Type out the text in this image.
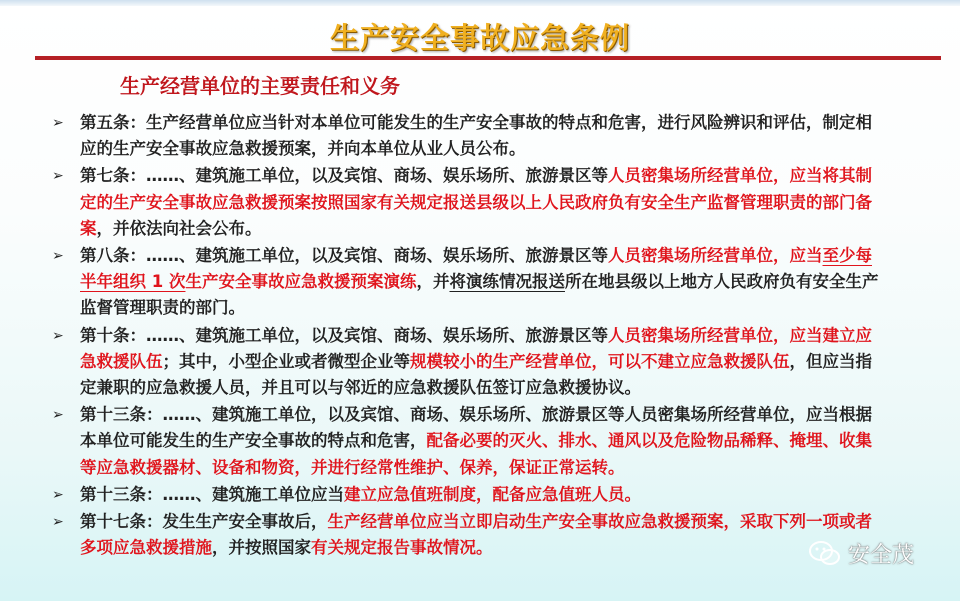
生产安全事故应急条例
生产经营单位的主要责任和义务
➢ 第五条：生产经营单位应当针对本单位可能发生的生产安全事故的特点和危害，进行风险辨识和评估，制定相应的生产安全事故应急救援预案，并向本单位从业人员公布。
➢ 第七条：……、建筑施工单位，以及宾馆、商场、娱乐场所、旅游景区等人员密集场所经营单位，应当将其制定的生产安全事故应急救援预案按照国家有关规定报送县级以上人民政府负有安全生产监督管理职责的部门备案，并依法向社会公布。
➢ 第八条：……、建筑施工单位，以及宾馆、商场、娱乐场所、旅游景区等人员密集场所经营单位，应当至少每半年组织 1 次生产安全事故应急救援预案演练，并将演练情况报送所在地县级以上地方人民政府负有安全生产监督管理职责的部门。
➢ 第十条：……、建筑施工单位，以及宾馆、商场、娱乐场所、旅游景区等人员密集场所经营单位，应当建立应急救援队伍；其中，小型企业或者微型企业等规模较小的生产经营单位，可以不建立应急救援队伍，但应当指定兼职的应急救援人员，并且可以与邻近的应急救援队伍签订应急救援协议。
➢ 第十三条：……、建筑施工单位，以及宾馆、商场、娱乐场所、旅游景区等人员密集场所经营单位，应当根据本单位可能发生的生产安全事故的特点和危害，配备必要的灭火、排水、通风以及危险物品稀释、掩埋、收集等应急救援器材、设备和物资，并进行经常性维护、保养，保证正常运转。
➢ 第十三条：……、建筑施工单位应当建立应急值班制度，配备应急值班人员。
➢ 第十七条：发生生产安全事故后，生产经营单位应当立即启动生产安全事故应急救援预案，采取下列一项或者多项应急救援措施，并按照国家有关规定报告事故情况。	安全茂
